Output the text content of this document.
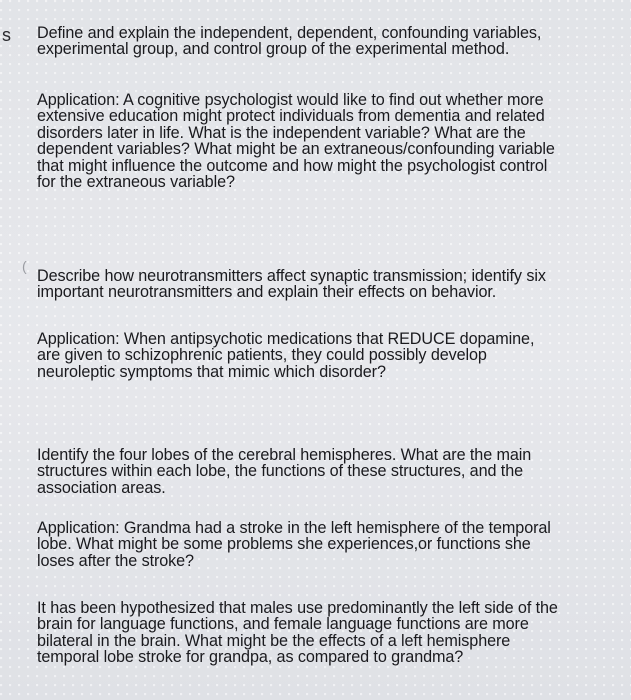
s
(

Define and explain the independent, dependent, confounding variables,

experimental group, and control group of the experimental method.

Application: A cognitive psychologist would like to find out whether more

extensive education might protect individuals from dementia and related

disorders later in life. What is the independent variable? What are the

dependent variables? What might be an extraneous/confounding variable

that might influence the outcome and how might the psychologist control

for the extraneous variable?

Describe how neurotransmitters affect synaptic transmission; identify six

important neurotransmitters and explain their effects on behavior.

Application: When antipsychotic medications that REDUCE dopamine,

are given to schizophrenic patients, they could possibly develop

neuroleptic symptoms that mimic which disorder?

Identify the four lobes of the cerebral hemispheres. What are the main

structures within each lobe, the functions of these structures, and the

association areas.

Application: Grandma had a stroke in the left hemisphere of the temporal

lobe. What might be some problems she experiences,or functions she

loses after the stroke?

It has been hypothesized that males use predominantly the left side of the

brain for language functions, and female language functions are more

bilateral in the brain. What might be the effects of a left hemisphere

temporal lobe stroke for grandpa, as compared to grandma?
